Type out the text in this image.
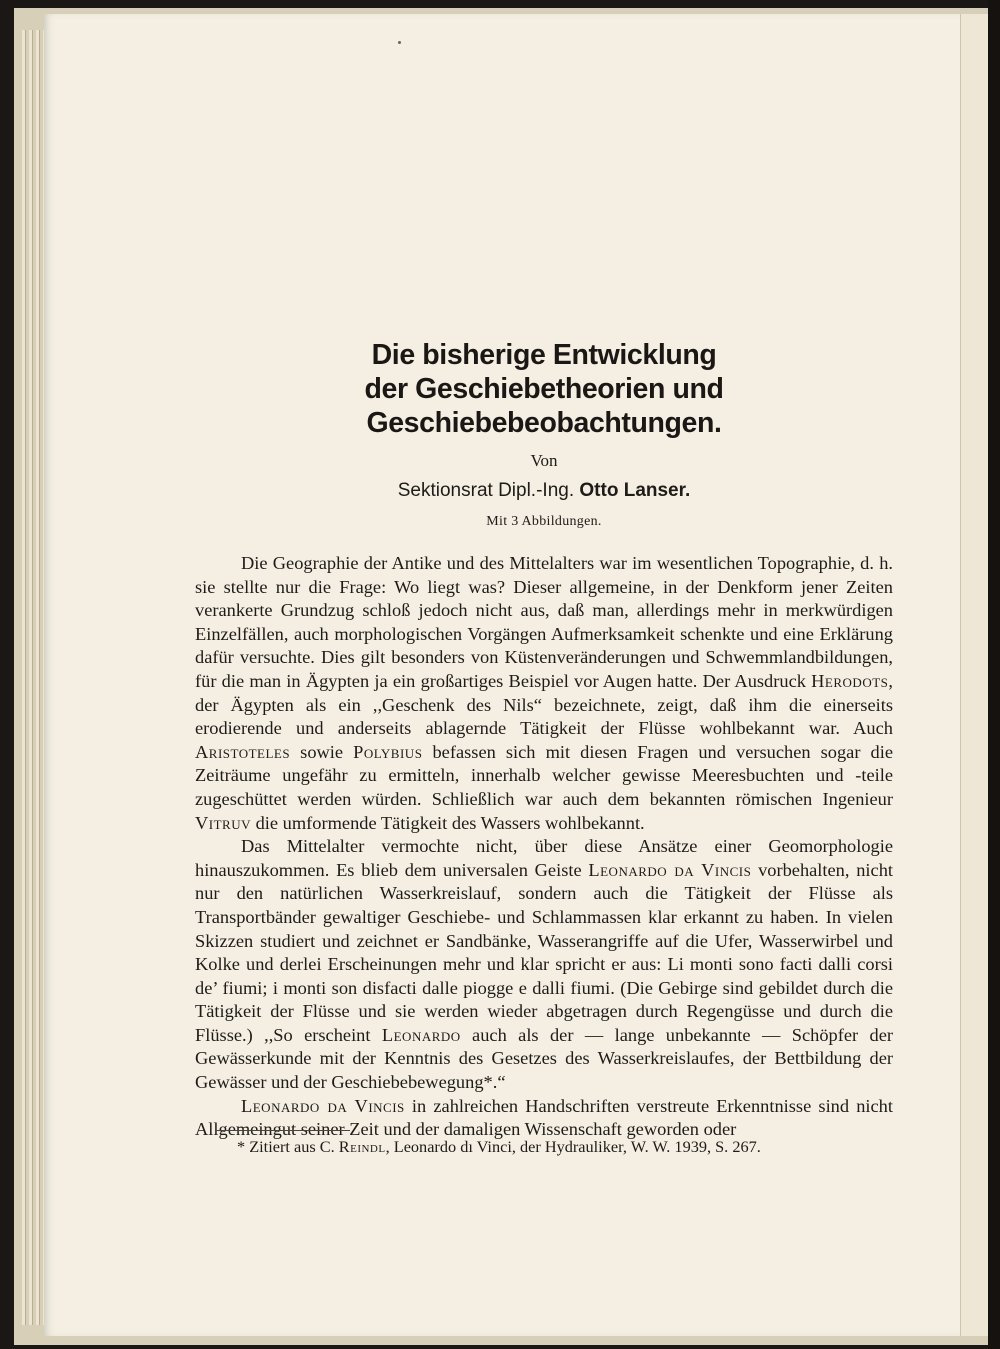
Die bisherige Entwicklung
der Geschiebetheorien und Geschiebebeobachtungen.
Von
Sektionsrat Dipl.-Ing. Otto Lanser.
Mit 3 Abbildungen.

Die Geographie der Antike und des Mittelalters war im wesentlichen Topographie, d. h. sie stellte nur die Frage: Wo liegt was? Dieser allgemeine, in der Denkform jener Zeiten verankerte Grundzug schloß jedoch nicht aus, daß man, allerdings mehr in merkwürdigen Einzelfällen, auch morphologischen Vorgängen Aufmerksamkeit schenkte und eine Erklärung dafür versuchte. Dies gilt besonders von Küstenveränderungen und Schwemmlandbildungen, für die man in Ägypten ja ein großartiges Beispiel vor Augen hatte. Der Ausdruck Herodots, der Ägypten als ein ,,Geschenk des Nils“ bezeichnete, zeigt, daß ihm die einerseits erodierende und anderseits ablagernde Tätigkeit der Flüsse wohlbekannt war. Auch Aristoteles sowie Polybius befassen sich mit diesen Fragen und versuchen sogar die Zeiträume ungefähr zu ermitteln, innerhalb welcher gewisse Meeresbuchten und -teile zugeschüttet werden würden. Schließlich war auch dem bekannten römischen Ingenieur Vitruv die umformende Tätigkeit des Wassers wohlbekannt.

Das Mittelalter vermochte nicht, über diese Ansätze einer Geomorphologie hinauszukommen. Es blieb dem universalen Geiste Leonardo da Vincis vorbehalten, nicht nur den natürlichen Wasserkreislauf, sondern auch die Tätigkeit der Flüsse als Transportbänder gewaltiger Geschiebe- und Schlammassen klar erkannt zu haben. In vielen Skizzen studiert und zeichnet er Sandbänke, Wasserangriffe auf die Ufer, Wasserwirbel und Kolke und derlei Erscheinungen mehr und klar spricht er aus: Li monti sono facti dalli corsi de’ fiumi; i monti son disfacti dalle piogge e dalli fiumi. (Die Gebirge sind gebildet durch die Tätigkeit der Flüsse und sie werden wieder abgetragen durch Regengüsse und durch die Flüsse.) ,,So erscheint Leonardo auch als der — lange unbekannte — Schöpfer der Gewässerkunde mit der Kenntnis des Gesetzes des Wasserkreislaufes, der Bettbildung der Gewässer und der Geschiebebewegung*.“

Leonardo da Vincis in zahlreichen Handschriften verstreute Erkenntnisse sind nicht Allgemeingut seiner Zeit und der damaligen Wissenschaft geworden oder

* Zitiert aus C. Reindl, Leonardo dı Vinci, der Hydrauliker, W. W. 1939, S. 267.
